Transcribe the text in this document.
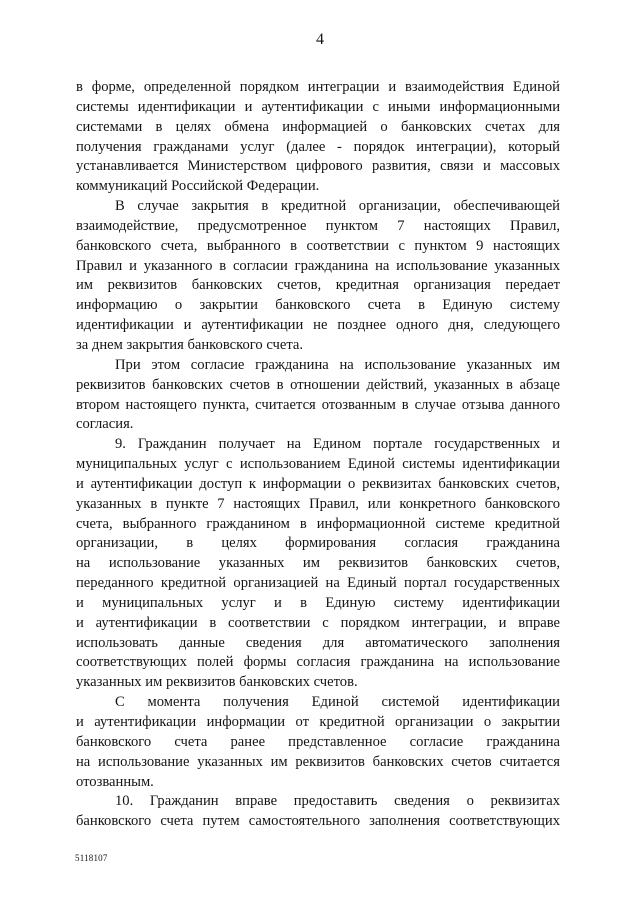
4
в форме, определенной порядком интеграции и взаимодействия Единой
системы идентификации и аутентификации с иными информационными
системами в целях обмена информацией о банковских счетах для
получения гражданами услуг (далее - порядок интеграции), который
устанавливается Министерством цифрового развития, связи и массовых
коммуникаций Российской Федерации.
В случае закрытия в кредитной организации, обеспечивающей
взаимодействие, предусмотренное пунктом 7 настоящих Правил,
банковского счета, выбранного в соответствии с пунктом 9 настоящих
Правил и указанного в согласии гражданина на использование указанных
им реквизитов банковских счетов, кредитная организация передает
информацию о закрытии банковского счета в Единую систему
идентификации и аутентификации не позднее одного дня, следующего
за днем закрытия банковского счета.
При этом согласие гражданина на использование указанных им
реквизитов банковских счетов в отношении действий, указанных в абзаце
втором настоящего пункта, считается отозванным в случае отзыва данного
согласия.
9. Гражданин получает на Едином портале государственных и
муниципальных услуг с использованием Единой системы идентификации
и аутентификации доступ к информации о реквизитах банковских счетов,
указанных в пункте 7 настоящих Правил, или конкретного банковского
счета, выбранного гражданином в информационной системе кредитной
организации, в целях формирования согласия гражданина
на использование указанных им реквизитов банковских счетов,
переданного кредитной организацией на Единый портал государственных
и муниципальных услуг и в Единую систему идентификации
и аутентификации в соответствии с порядком интеграции, и вправе
использовать данные сведения для автоматического заполнения
соответствующих полей формы согласия гражданина на использование
указанных им реквизитов банковских счетов.
С момента получения Единой системой идентификации
и аутентификации информации от кредитной организации о закрытии
банковского счета ранее представленное согласие гражданина
на использование указанных им реквизитов банковских счетов считается
отозванным.
10. Гражданин вправе предоставить сведения о реквизитах
банковского счета путем самостоятельного заполнения соответствующих
5118107
